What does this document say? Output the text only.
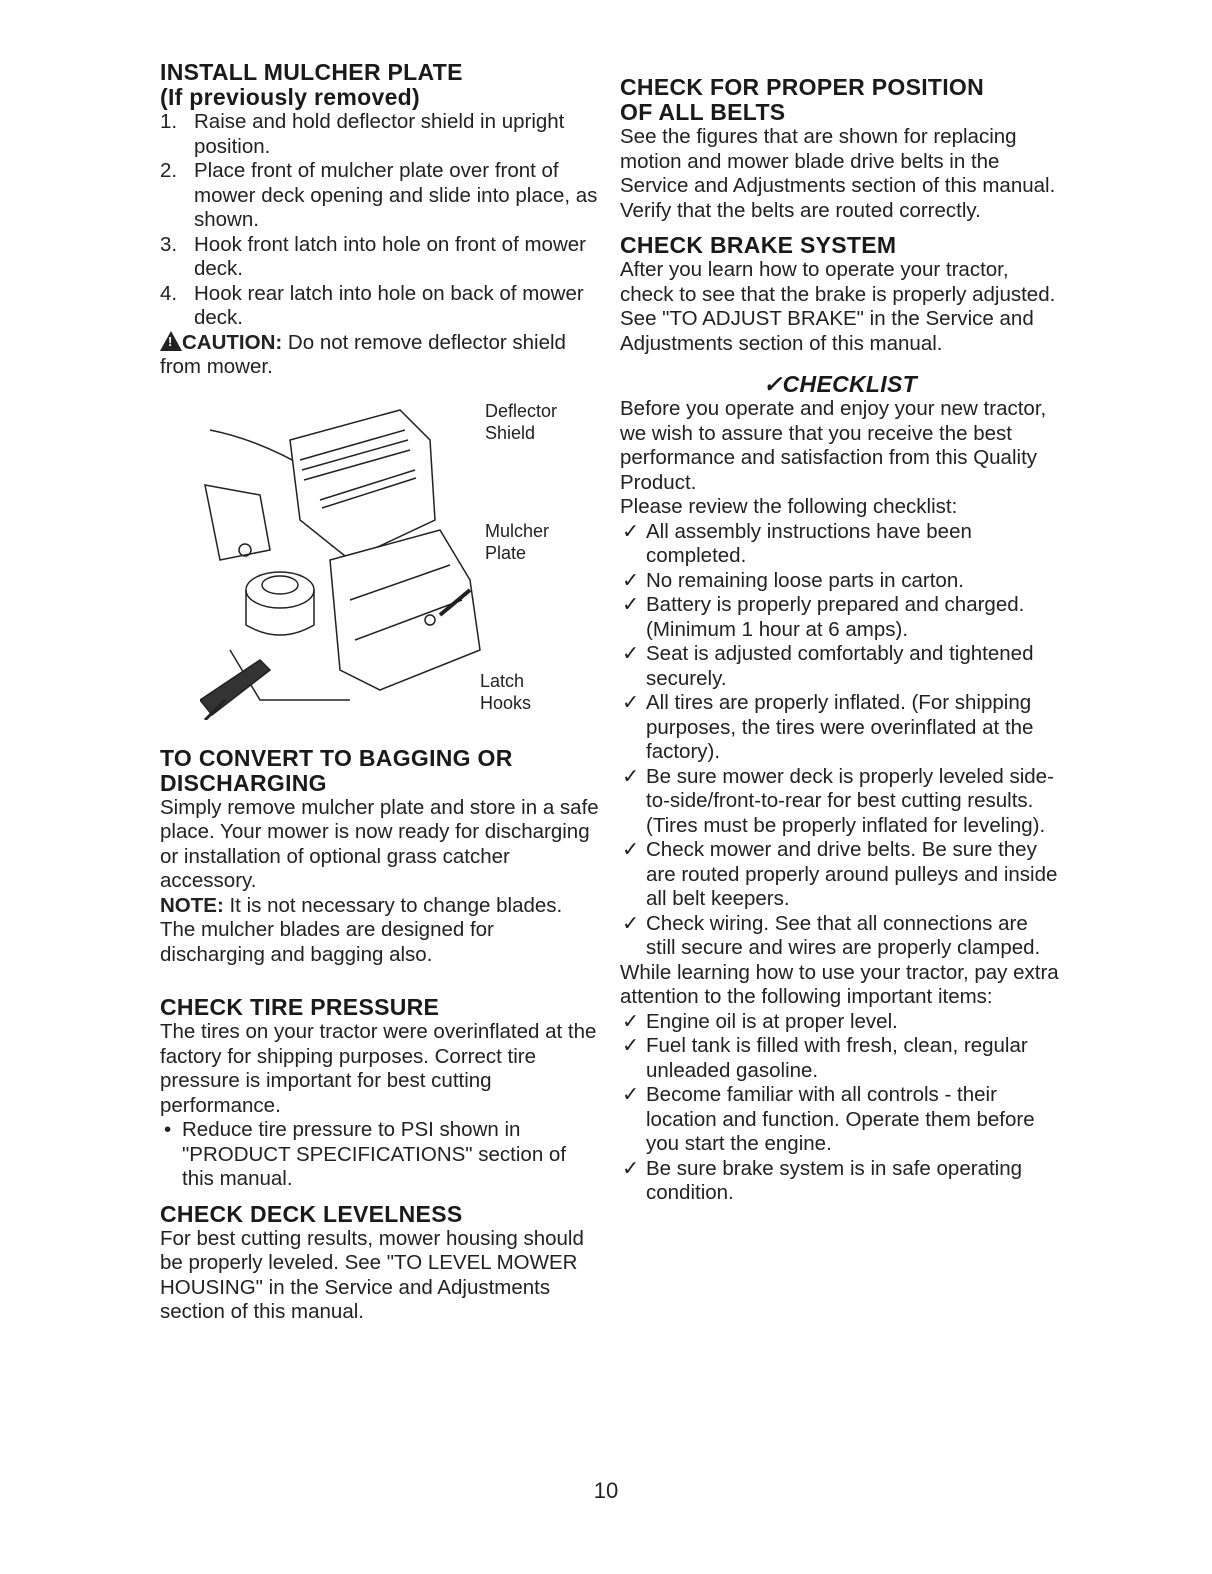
INSTALL MULCHER PLATE
(If previously removed)
1. Raise and hold deflector shield in upright position.
2. Place front of mulcher plate over front of mower deck opening and slide into place, as shown.
3. Hook front latch into hole on front of mower deck.
4. Hook rear latch into hole on back of mower deck.

!CAUTION: Do not remove deflector shield from mower.

Deflector
Shield
Mulcher
Plate
Latch
Hooks
TO CONVERT TO BAGGING OR
DISCHARGING

Simply remove mulcher plate and store in a safe place. Your mower is now ready for discharging or installation of optional grass catcher accessory.

NOTE: It is not necessary to change blades. The mulcher blades are designed for discharging and bagging also.

CHECK TIRE PRESSURE

The tires on your tractor were overinflated at the factory for shipping purposes. Correct tire pressure is important for best cutting performance.

• Reduce tire pressure to PSI shown in "PRODUCT SPECIFICATIONS" section of this manual.
CHECK DECK LEVELNESS

For best cutting results, mower housing should be properly leveled. See "TO LEVEL MOWER HOUSING" in the Service and Adjustments section of this manual.

CHECK FOR PROPER POSITION
OF ALL BELTS

See the figures that are shown for replacing motion and mower blade drive belts in the Service and Adjustments section of this manual. Verify that the belts are routed correctly.

CHECK BRAKE SYSTEM

After you learn how to operate your tractor, check to see that the brake is properly adjusted. See "TO ADJUST BRAKE" in the Service and Adjustments section of this manual.

✓CHECKLIST

Before you operate and enjoy your new tractor, we wish to assure that you receive the best performance and satisfaction from this Quality Product.

Please review the following checklist:

✓ All assembly instructions have been completed.
✓ No remaining loose parts in carton.
✓ Battery is properly prepared and charged. (Minimum 1 hour at 6 amps).
✓ Seat is adjusted comfortably and tightened securely.
✓ All tires are properly inflated. (For shipping purposes, the tires were overinflated at the factory).
✓ Be sure mower deck is properly leveled side-to-side/front-to-rear for best cutting results. (Tires must be properly inflated for leveling).
✓ Check mower and drive belts. Be sure they are routed properly around pulleys and inside all belt keepers.
✓ Check wiring. See that all connections are still secure and wires are properly clamped.

While learning how to use your tractor, pay extra attention to the following important items:

✓ Engine oil is at proper level.
✓ Fuel tank is filled with fresh, clean, regular unleaded gasoline.
✓ Become familiar with all controls - their location and function. Operate them before you start the engine.
✓ Be sure brake system is in safe operating condition.
10
